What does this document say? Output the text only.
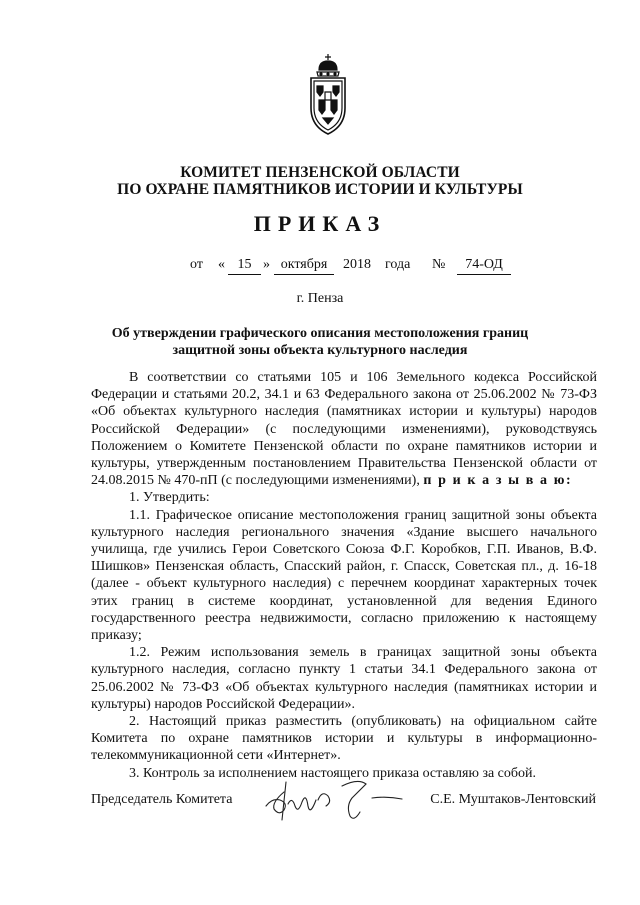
КОМИТЕТ ПЕНЗЕНСКОЙ ОБЛАСТИ
ПО ОХРАНЕ ПАМЯТНИКОВ ИСТОРИИ И КУЛЬТУРЫ
ПРИКАЗ
от « 15 » октября	2018 года №	74-ОД
г. Пенза
Об утверждении графического описания местоположения границ
защитной зоны объекта культурного наследия

В соответствии со статьями 105 и 106 Земельного кодекса Российской Федерации и статьями 20.2, 34.1 и 63 Федерального закона от 25.06.2002 № 73-ФЗ «Об объектах культурного наследия (памятниках истории и культуры) народов Российской Федерации» (с последующими изменениями), руководствуясь Положением о Комитете Пензенской области по охране памятников истории и культуры, утвержденным постановлением Правительства Пензенской области от 24.08.2015 № 470-пП (с последующими изменениями), п р и к а з ы в а ю:

1. Утвердить:

1.1. Графическое описание местоположения границ защитной зоны объекта культурного наследия регионального значения «Здание высшего начального училища, где учились Герои Советского Союза Ф.Г. Коробков, Г.П. Иванов, В.Ф. Шишков» Пензенская область, Спасский район, г. Спасск, Советская пл., д. 16-18 (далее - объект культурного наследия) с перечнем координат характерных точек этих границ в системе координат, установленной для ведения Единого государственного реестра недвижимости, согласно приложению к настоящему приказу;

1.2. Режим использования земель в границах защитной зоны объекта культурного наследия, согласно пункту 1 статьи 34.1 Федерального закона от 25.06.2002 № 73-ФЗ «Об объектах культурного наследия (памятниках истории и культуры) народов Российской Федерации».

2. Настоящий приказ разместить (опубликовать) на официальном сайте Комитета по охране памятников истории и культуры в информационно-телекоммуникационной сети «Интернет».

3. Контроль за исполнением настоящего приказа оставляю за собой.

Председатель Комитета	С.Е. Муштаков-Лентовский
